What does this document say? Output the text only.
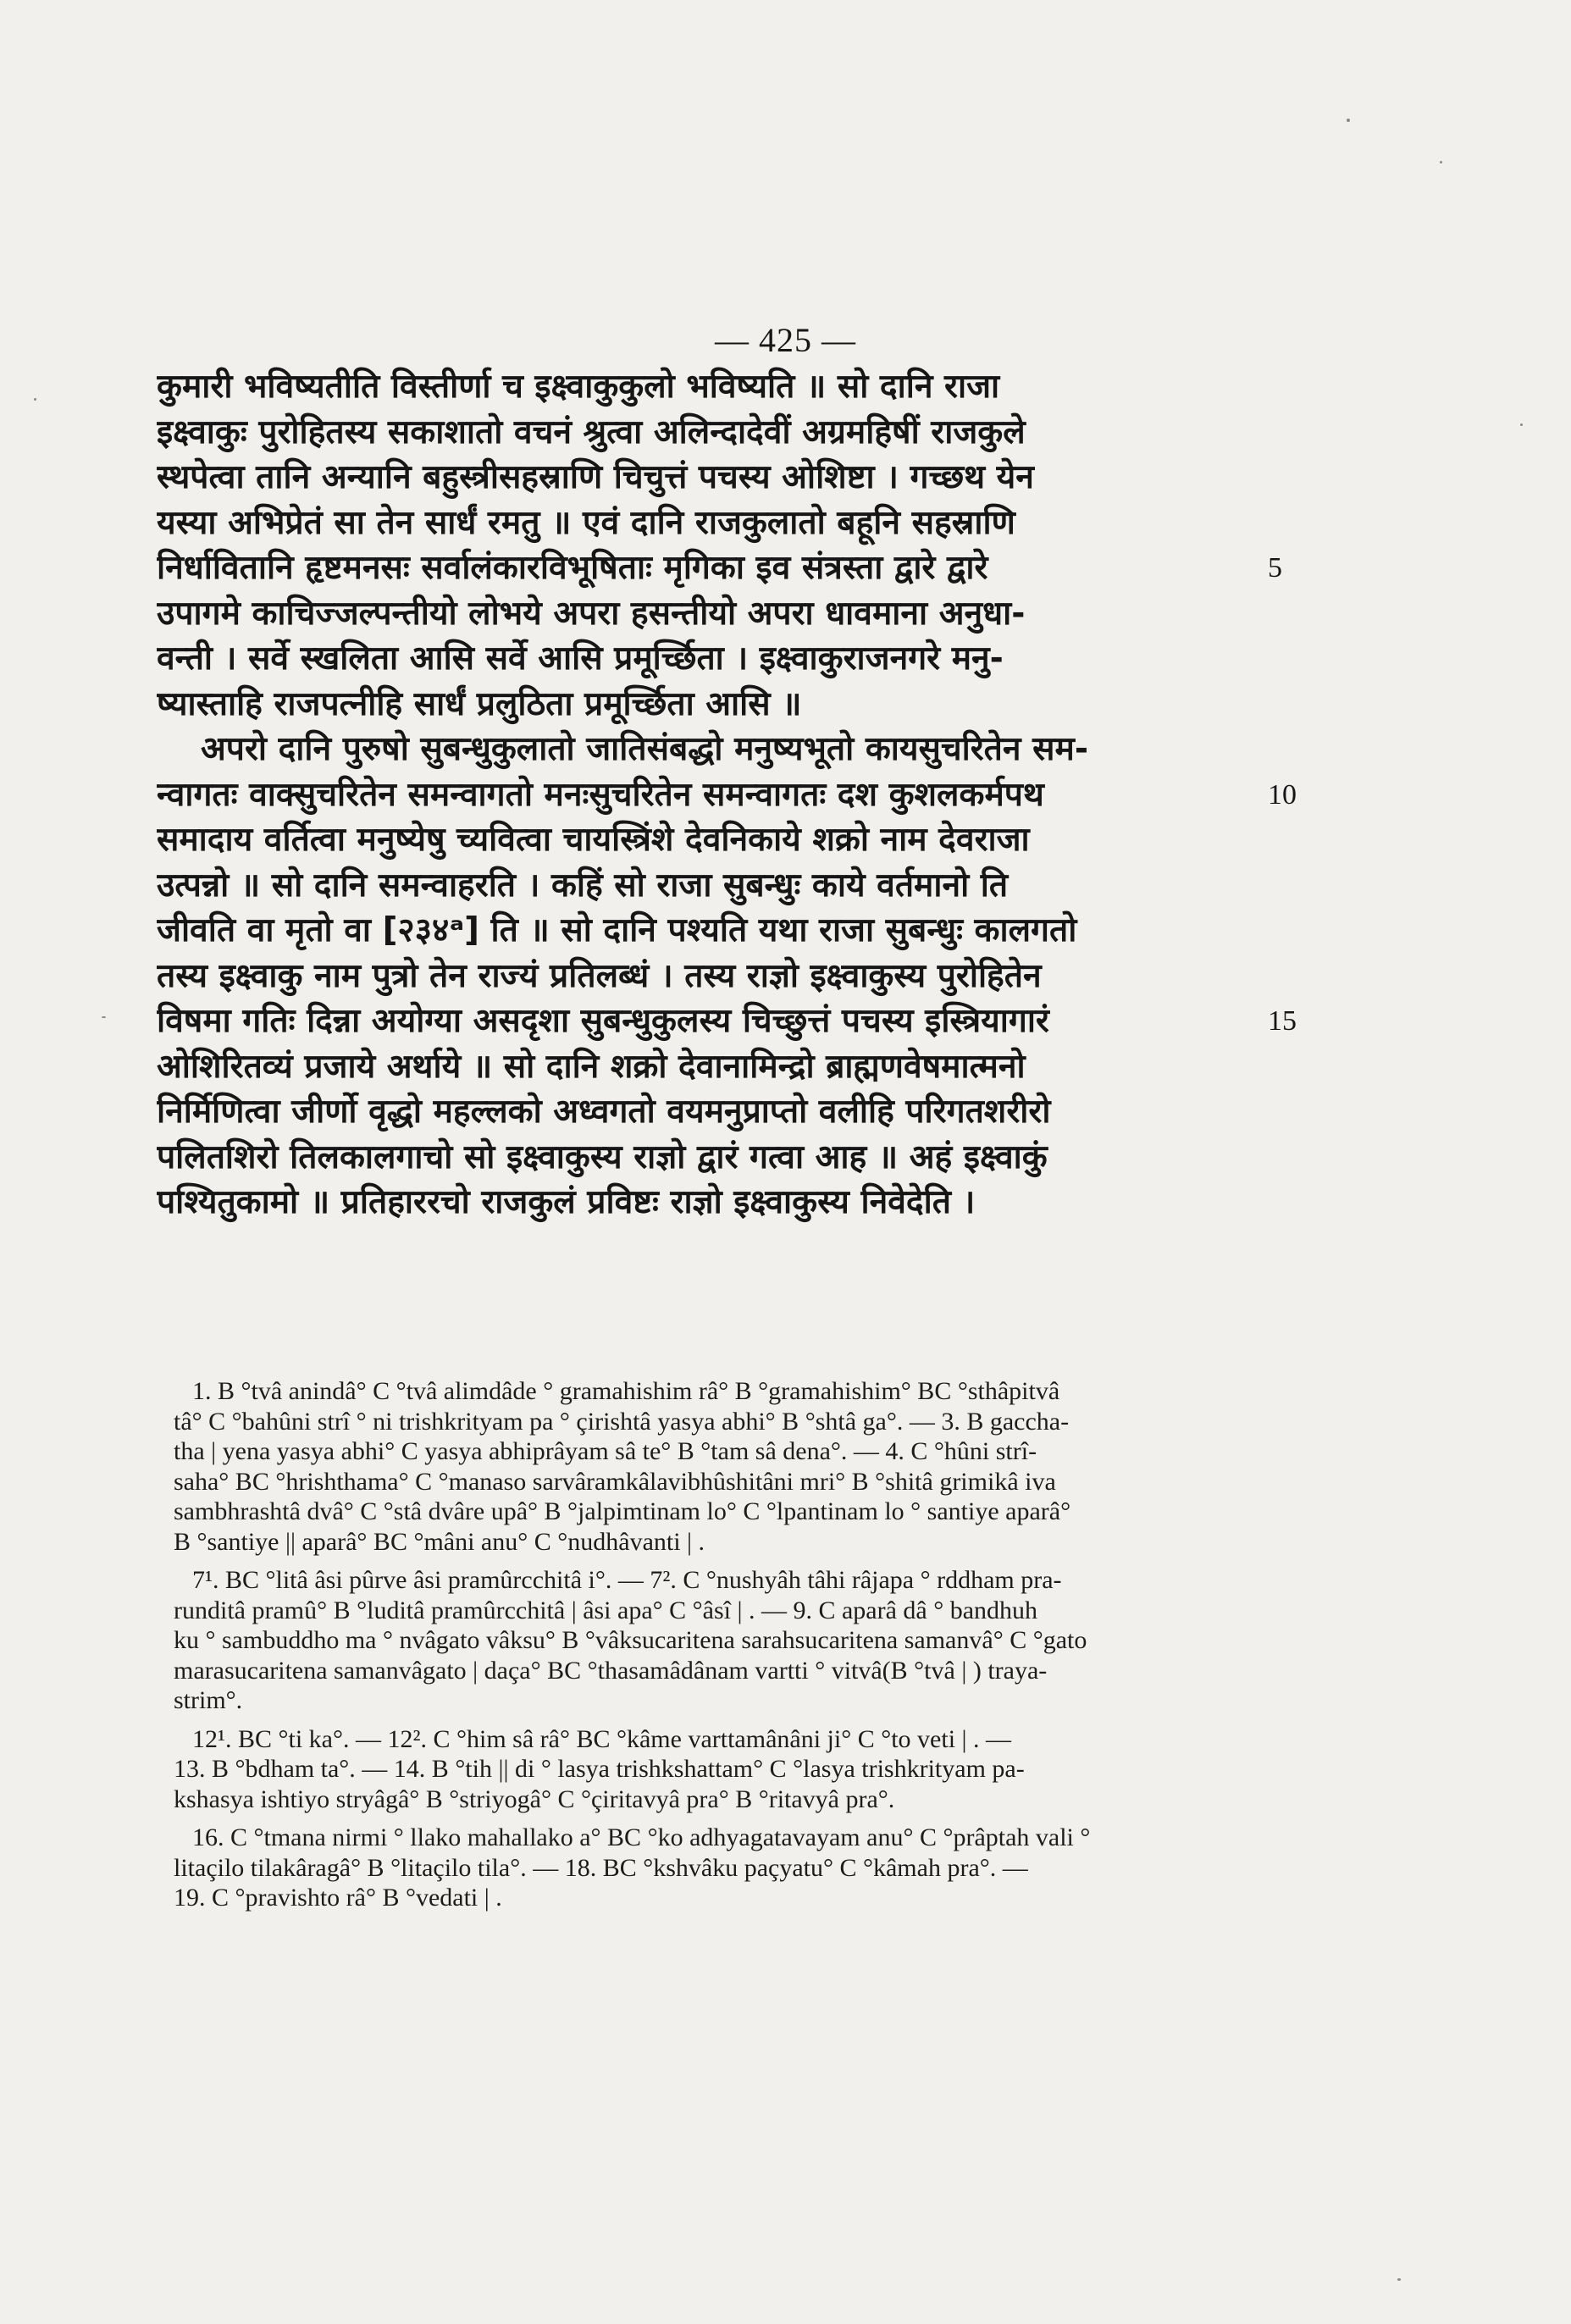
— 425 —
कुमारी भविष्यतीति विस्तीर्णा च इक्ष्वाकुकुलो भविष्यति ॥ सो दानि राजा
इक्ष्वाकुः पुरोहितस्य सकाशातो वचनं श्रुत्वा अलिन्दादेवीं अग्रमहिषीं राजकुले
स्थपेत्वा तानि अन्यानि बहुस्त्रीसहस्राणि चिचुत्तं पचस्य ओशिष्टा । गच्छथ येन
यस्या अभिप्रेतं सा तेन सार्धं रमतु ॥ एवं दानि राजकुलातो बहूनि सहस्राणि
निर्धावितानि हृष्टमनसः सर्वालंकारविभूषिताः मृगिका इव संत्रस्ता द्वारे द्वारे
उपागमे काचिज्जल्पन्तीयो लोभये अपरा हसन्तीयो अपरा धावमाना अनुधा-
वन्ती । सर्वे स्खलिता आसि सर्वे आसि प्रमूर्च्छिता । इक्ष्वाकुराजनगरे मनु-
ष्यास्ताहि राजपत्नीहि सार्धं प्रलुठिता प्रमूर्च्छिता आसि ॥
अपरो दानि पुरुषो सुबन्धुकुलातो जातिसंबद्धो मनुष्यभूतो कायसुचरितेन सम-
न्वागतः वाक्सुचरितेन समन्वागतो मनःसुचरितेन समन्वागतः दश कुशलकर्मपथ
समादाय वर्तित्वा मनुष्येषु च्यवित्वा चायस्त्रिंशे देवनिकाये शक्रो नाम देवराजा
उत्पन्नो ॥ सो दानि समन्वाहरति । कहिं सो राजा सुबन्धुः काये वर्तमानो ति
जीवति वा मृतो वा [२३४ᵃ] ति ॥ सो दानि पश्यति यथा राजा सुबन्धुः कालगतो
तस्य इक्ष्वाकु नाम पुत्रो तेन राज्यं प्रतिलब्धं । तस्य राज्ञो इक्ष्वाकुस्य पुरोहितेन
विषमा गतिः दिन्ना अयोग्या असदृशा सुबन्धुकुलस्य चिच्छुत्तं पचस्य इस्त्रियागारं
ओशिरितव्यं प्रजाये अर्थाये ॥ सो दानि शक्रो देवानामिन्द्रो ब्राह्मणवेषमात्मनो
निर्मिणित्वा जीर्णो वृद्धो महल्लको अध्वगतो वयमनुप्राप्तो वलीहि परिगतशरीरो
पलितशिरो तिलकालगाचो सो इक्ष्वाकुस्य राज्ञो द्वारं गत्वा आह ॥ अहं इक्ष्वाकुं
पश्यितुकामो ॥ प्रतिहाररचो राजकुलं प्रविष्टः राज्ञो इक्ष्वाकुस्य निवेदेति ।
1. B °tvâ anindâ° C °tvâ alimdâde ° gramahishim râ° B °gramahishim° BC °sthâpitvâ
tâ° C °bahûni strî ° ni trishkrityam pa ° çirishtâ yasya abhi° B °shtâ ga°. — 3. B gaccha-
tha | yena yasya abhi° C yasya abhiprâyam sâ te° B °tam sâ dena°. — 4. C °hûni strî-
saha° BC °hrishthama° C °manaso sarvâramkâlavibhûshitâni mri° B °shitâ grimikâ iva
sambhrashtâ dvâ° C °stâ dvâre upâ° B °jalpimtinam lo° C °lpantinam lo ° santiye aparâ°
B °santiye || aparâ° BC °mâni anu° C °nudhâvanti | .
7¹. BC °litâ âsi pûrve âsi pramûrcchitâ i°. — 7². C °nushyâh tâhi râjapa ° rddham pra-
runditâ pramû° B °luditâ pramûrcchitâ | âsi apa° C °âsî | . — 9. C aparâ dâ ° bandhuh
ku ° sambuddho ma ° nvâgato vâksu° B °vâksucaritena sarahsucaritena samanvâ° C °gato
marasucaritena samanvâgato | daça° BC °thasamâdânam vartti ° vitvâ(B °tvâ | ) traya-
strim°.
12¹. BC °ti ka°. — 12². C °him sâ râ° BC °kâme varttamânâni ji° C °to veti | . —
13. B °bdham ta°. — 14. B °tih || di ° lasya trishkshattam° C °lasya trishkrityam pa-
kshasya ishtiyo stryâgâ° B °striyogâ° C °çiritavyâ pra° B °ritavyâ pra°.
16. C °tmana nirmi ° llako mahallako a° BC °ko adhyagatavayam anu° C °prâptah vali °
litaçilo tilakâragâ° B °litaçilo tila°. — 18. BC °kshvâku paçyatu° C °kâmah pra°. —
19. C °pravishto râ° B °vedati | .
5
10
15
